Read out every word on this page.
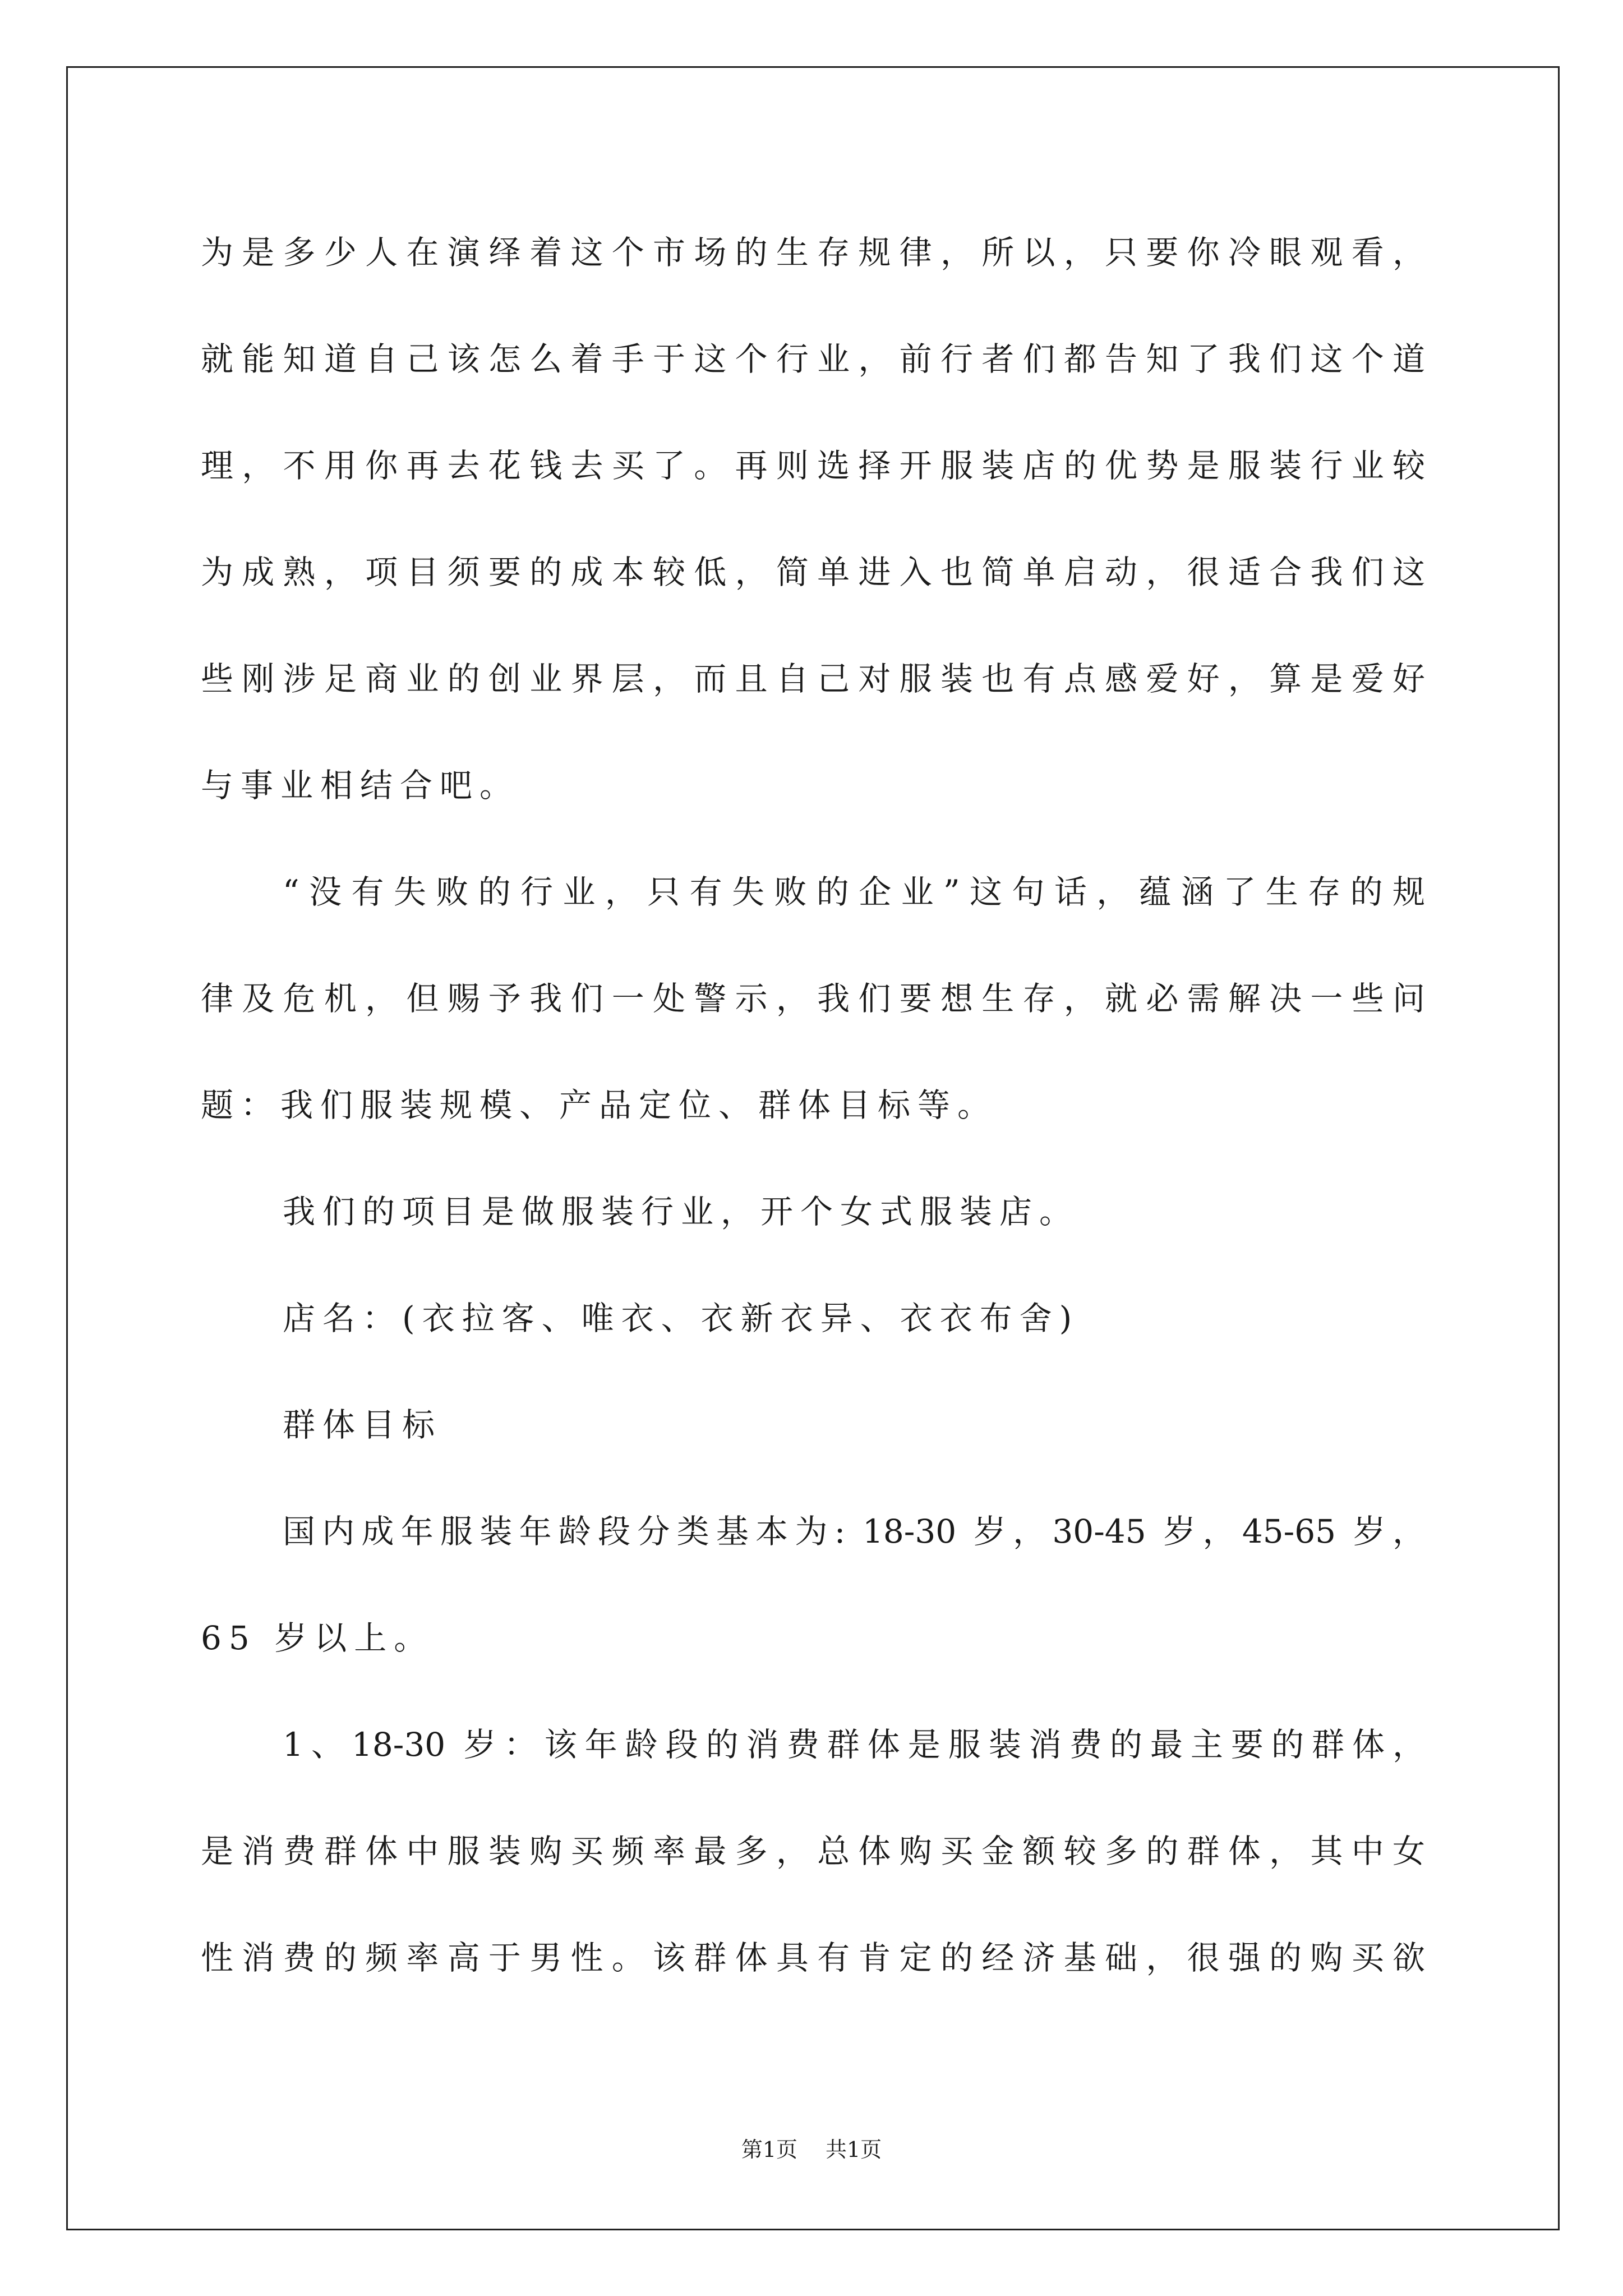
为是多少人在演绎着这个市场的生存规律，所以，只要你冷眼观看，
就能知道自己该怎么着手于这个行业，前行者们都告知了我们这个道
理，不用你再去花钱去买了。再则选择开服装店的优势是服装行业较
为成熟，项目须要的成本较低，简单进入也简单启动，很适合我们这
些刚涉足商业的创业界层，而且自己对服装也有点感爱好，算是爱好
与事业相结合吧。
“没有失败的行业，只有失败的企业”这句话，蕴涵了生存的规
律及危机，但赐予我们一处警示，我们要想生存，就必需解决一些问
题：我们服装规模、产品定位、群体目标等。
我们的项目是做服装行业，开个女式服装店。
店名：(衣拉客、唯衣、衣新衣异、衣衣布舍)
群体目标
国内成年服装年龄段分类基本为: 18-30 岁，30-45 岁，45-65 岁，
65 岁以上。
1、18-30 岁：该年龄段的消费群体是服装消费的最主要的群体，
是消费群体中服装购买频率最多，总体购买金额较多的群体，其中女
性消费的频率高于男性。该群体具有肯定的经济基础，很强的购买欲
第1页 共1页
